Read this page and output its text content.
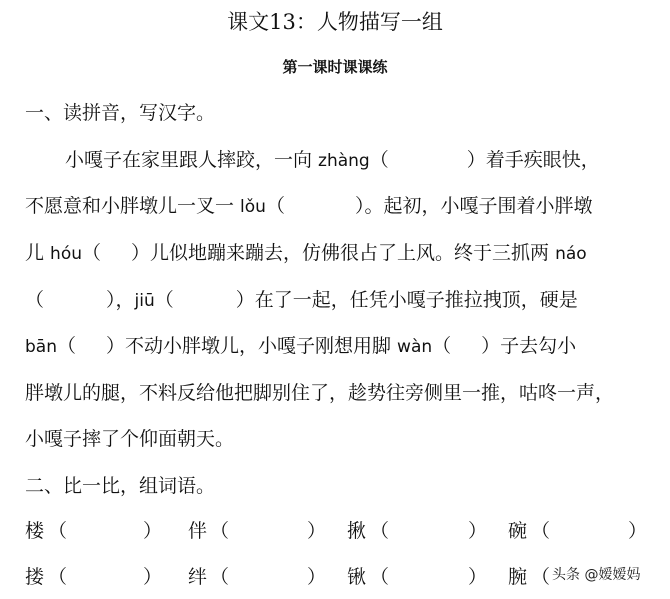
课文13：人物描写一组
第一课时课课练
一、读拼音，写汉字。
小嘎子在家里跟人摔跤，一向 zhàng（	）着手疾眼快，
不愿意和小胖墩儿一叉一 lǒu（	）。起初，小嘎子围着小胖墩
儿 hóu（ ）儿似地蹦来蹦去，仿佛很占了上风。终于三抓两 náo
（	），jiū（	）在了一起，任凭小嘎子推拉拽顶，硬是
bān（ ）不动小胖墩儿，小嘎子刚想用脚 wàn（ ）子去勾小
胖墩儿的腿，不料反给他把脚别住了，趁势往旁侧里一推，咕咚一声，
小嘎子摔了个仰面朝天。
二、比一比，组词语。
楼 （	） 伴 （	） 揪 （	） 碗 （	）
搂 （	） 绊 （	） 锹 （	） 腕 （ 头条 @嫒嫒妈
